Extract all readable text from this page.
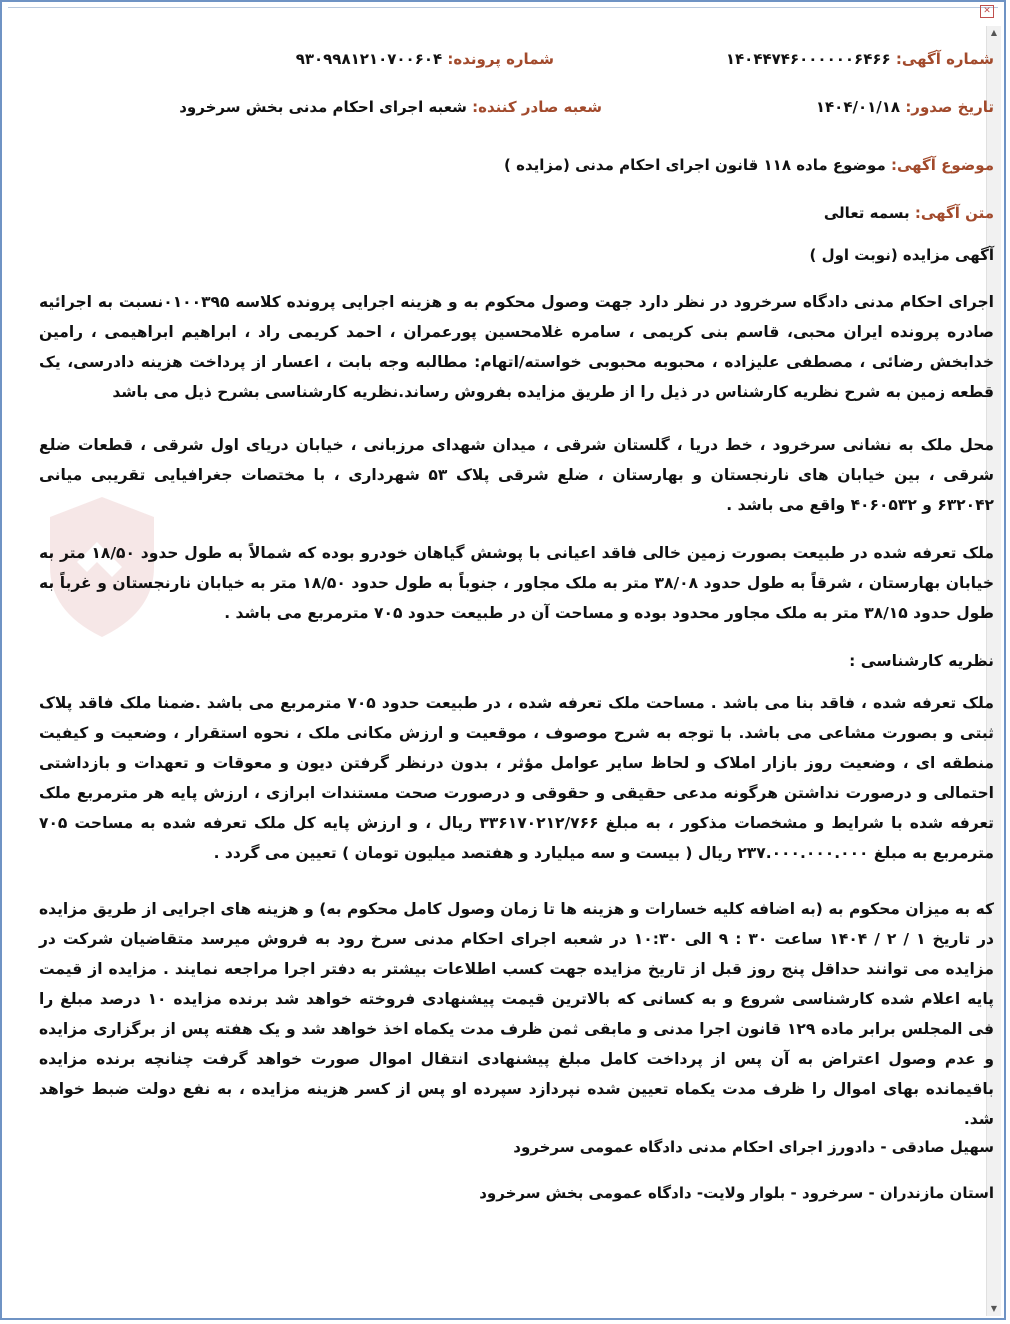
✕
▲
▼
شماره آگهی: ۱۴۰۴۴۷۴۶۰۰۰۰۰۰۶۴۶۶
شماره پرونده: ۹۳۰۹۹۸۱۲۱۰۷۰۰۶۰۴
تاریخ صدور: ۱۴۰۴/۰۱/۱۸
شعبه صادر کننده: شعبه اجرای احکام مدنی بخش سرخرود
موضوع آگهی: موضوع ماده ۱۱۸ قانون اجرای احکام مدنی (مزایده )
متن آگهی: بسمه تعالی
آگهی مزایده (نوبت اول )
اجرای احکام مدنی دادگاه سرخرود در نظر دارد جهت وصول محکوم به و هزینه اجرایی پرونده کلاسه ۰۱۰۰۳۹۵نسبت به اجرائیه صادره پرونده ایران محبی، قاسم بنی کریمی ، سامره غلامحسین پورعمران ، احمد کریمی راد ، ابراهیم ابراهیمی ، رامین خدابخش رضائی ، مصطفی علیزاده ، محبوبه محبوبی خواسته/اتهام: مطالبه وجه بابت ، اعسار از پرداخت هزینه دادرسی، یک قطعه زمین به شرح نظریه کارشناس در ذیل را از طریق مزایده بفروش رساند.نظریه کارشناسی بشرح ذیل می باشد
محل ملک به نشانی سرخرود ، خط دریا ، گلستان شرقی ، میدان شهدای مرزبانی ، خیابان دریای اول شرقی ، قطعات ضلع شرقی ، بین خیابان های نارنجستان و بهارستان ، ضلع شرقی پلاک ۵۳ شهرداری ، با مختصات جغرافیایی تقریبی میانی ۶۳۲۰۴۲ و ۴۰۶۰۵۳۲ واقع می باشد .
ملک تعرفه شده در طبیعت بصورت زمین خالی فاقد اعیانی با پوشش گیاهان خودرو بوده که شمالاً به طول حدود ۱۸/۵۰ متر به خیابان بهارستان ، شرقاً به طول حدود ۳۸/۰۸ متر به ملک مجاور ، جنوباً به طول حدود ۱۸/۵۰ متر به خیابان نارنجستان و غرباً به طول حدود ۳۸/۱۵ متر به ملک مجاور محدود بوده و مساحت آن در طبیعت حدود ۷۰۵ مترمربع می باشد .
نظریه کارشناسی :
ملک تعرفه شده ، فاقد بنا می باشد . مساحت ملک تعرفه شده ، در طبیعت حدود ۷۰۵ مترمربع می باشد .ضمنا ملک فاقد پلاک ثبتی و بصورت مشاعی می باشد. با توجه به شرح موصوف ، موقعیت و ارزش مکانی ملک ، نحوه استقرار ، وضعیت و کیفیت منطقه ای ، وضعیت روز بازار املاک و لحاظ سایر عوامل مؤثر ، بدون درنظر گرفتن دیون و معوقات و تعهدات و بازداشتی احتمالی و درصورت نداشتن هرگونه مدعی حقیقی و حقوقی و درصورت صحت مستندات ابرازی ، ارزش پایه هر مترمربع ملک تعرفه شده با شرایط و مشخصات مذکور ، به مبلغ ۳۳۶۱۷۰۲۱۲/۷۶۶ ریال ، و ارزش پایه کل ملک تعرفه شده به مساحت ۷۰۵ مترمربع به مبلغ ۲۳۷.۰۰۰.۰۰۰.۰۰۰ ریال ( بیست و سه میلیارد و هفتصد میلیون تومان ) تعیین می گردد .
که به میزان محکوم به (به اضافه کلیه خسارات و هزینه ها تا زمان وصول کامل محکوم به) و هزینه های اجرایی از طریق مزایده در تاریخ ۱ / ۲ / ۱۴۰۴ ساعت ۳۰ : ۹ الی ۱۰:۳۰ در شعبه اجرای احکام مدنی سرخ رود به فروش میرسد متقاضیان شرکت در مزایده می توانند حداقل پنج روز قبل از تاریخ مزایده جهت کسب اطلاعات بیشتر به دفتر اجرا مراجعه نمایند . مزایده از قیمت پایه اعلام شده کارشناسی شروع و به کسانی که بالاترین قیمت پیشنهادی فروخته خواهد شد برنده مزایده ۱۰ درصد مبلغ را فی المجلس برابر ماده ۱۲۹ قانون اجرا مدنی و مابقی ثمن ظرف مدت یکماه اخذ خواهد شد و یک هفته پس از برگزاری مزایده و عدم وصول اعتراض به آن پس از پرداخت کامل مبلغ پیشنهادی انتقال اموال صورت خواهد گرفت چنانچه برنده مزایده باقیمانده بهای اموال را ظرف مدت یکماه تعیین شده نپردازد سپرده او پس از کسر هزینه مزایده ، به نفع دولت ضبط خواهد شد.
سهیل صادقی - دادورز اجرای احکام مدنی دادگاه عمومی سرخرود
استان مازندران - سرخرود - بلوار ولایت- دادگاه عمومی بخش سرخرود
